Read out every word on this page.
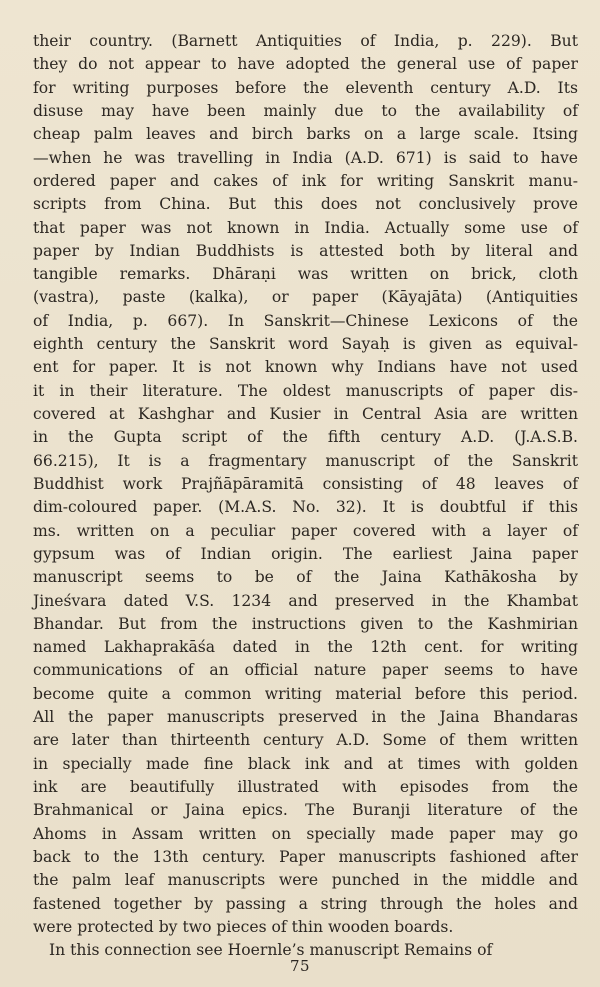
their country. (Barnett Antiquities of India, p. 229). But
they do not appear to have adopted the general use of paper
for writing purposes before the eleventh century A.D. Its
disuse may have been mainly due to the availability of
cheap palm leaves and birch barks on a large scale. Itsing
—when he was travelling in India (A.D. 671) is said to have
ordered paper and cakes of ink for writing Sanskrit manu-
scripts from China. But this does not conclusively prove
that paper was not known in India. Actually some use of
paper by Indian Buddhists is attested both by literal and
tangible remarks. Dhāraṇi was written on brick, cloth
(vastra), paste (kalka), or paper (Kāyajāta) (Antiquities
of India, p. 667). In Sanskrit—Chinese Lexicons of the
eighth century the Sanskrit word Sayaḥ is given as equival-
ent for paper. It is not known why Indians have not used
it in their literature. The oldest manuscripts of paper dis-
covered at Kashghar and Kusier in Central Asia are written
in the Gupta script of the fifth century A.D. (J.A.S.B.
66.215), It is a fragmentary manuscript of the Sanskrit
Buddhist work Prajñāpāramitā consisting of 48 leaves of
dim-coloured paper. (M.A.S. No. 32). It is doubtful if this
ms. written on a peculiar paper covered with a layer of
gypsum was of Indian origin. The earliest Jaina paper
manuscript seems to be of the Jaina Kathākosha by
Jineśvara dated V.S. 1234 and preserved in the Khambat
Bhandar. But from the instructions given to the Kashmirian
named Lakhaprakāśa dated in the 12th cent. for writing
communications of an official nature paper seems to have
become quite a common writing material before this period.
All the paper manuscripts preserved in the Jaina Bhandaras
are later than thirteenth century A.D. Some of them written
in specially made fine black ink and at times with golden
ink are beautifully illustrated with episodes from the
Brahmanical or Jaina epics. The Buranji literature of the
Ahoms in Assam written on specially made paper may go
back to the 13th century. Paper manuscripts fashioned after
the palm leaf manuscripts were punched in the middle and
fastened together by passing a string through the holes and
were protected by two pieces of thin wooden boards.
In this connection see Hoernle’s manuscript Remains of
75
